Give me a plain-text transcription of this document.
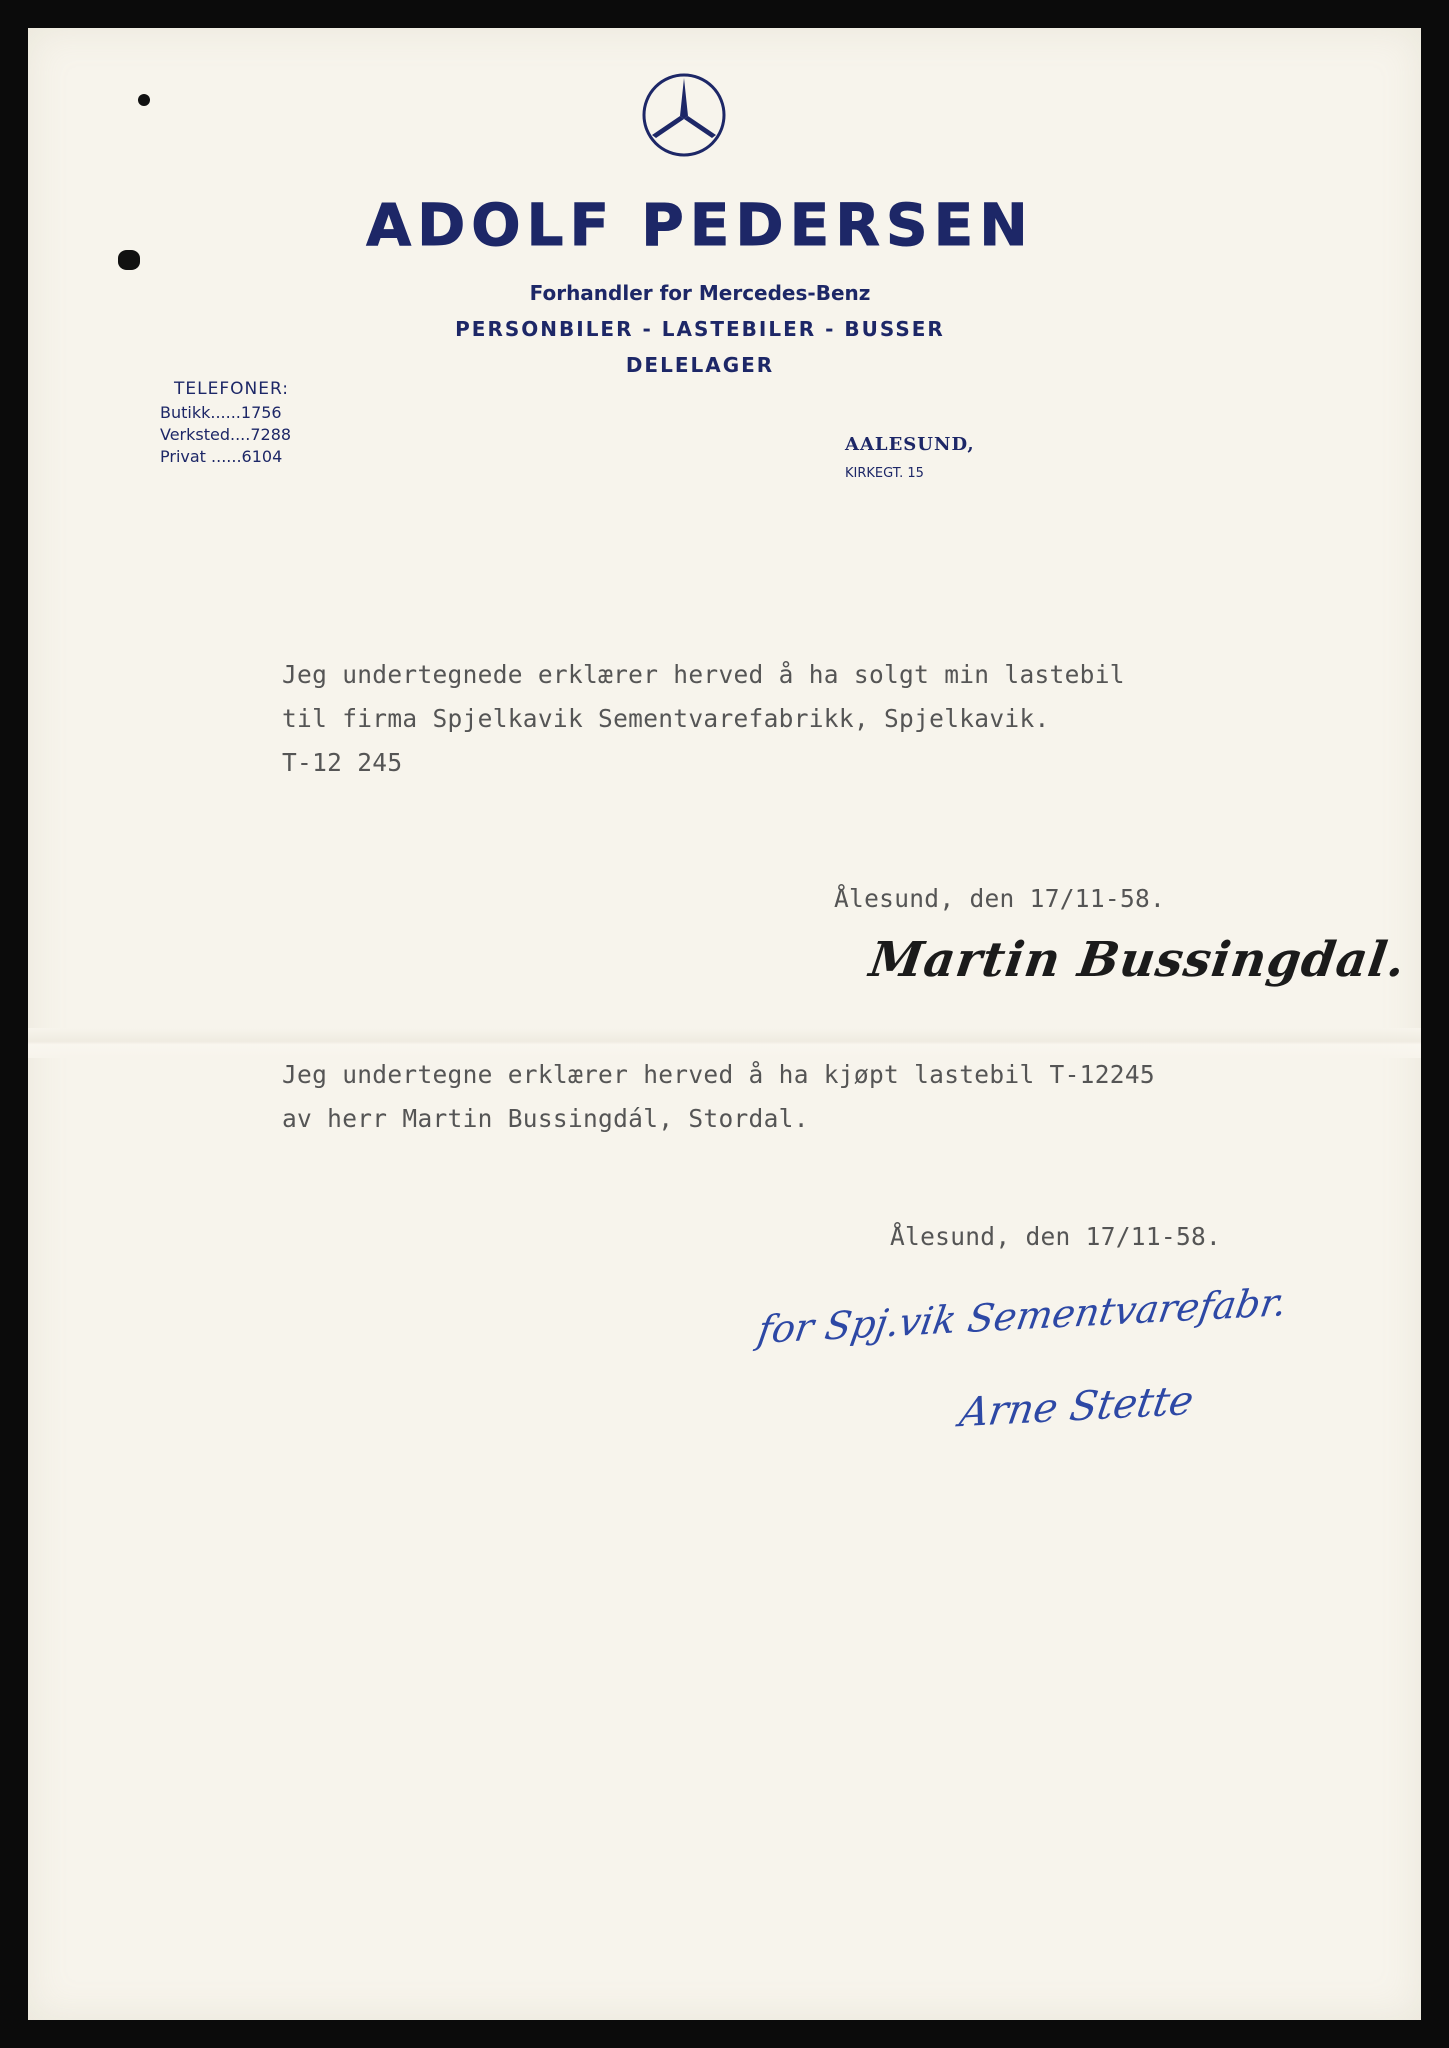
ADOLF PEDERSEN
Forhandler for Mercedes-Benz
PERSONBILER - LASTEBILER - BUSSER
DELELAGER
TELEFONER:
Butikk......1756
Verksted....7288
Privat ......6104
AALESUND,
KIRKEGT. 15
Jeg undertegnede erklærer herved å ha solgt min lastebil
til firma Spjelkavik Sementvarefabrikk, Spjelkavik.
T-12 245
Ålesund, den 17/11-58.
Martin Bussingdal.
Jeg undertegne erklærer herved å ha kjøpt lastebil T-12245
av herr Martin Bussingdál, Stordal.
Ålesund, den 17/11-58.
for Spj.vik Sementvarefabr.
Arne Stette
